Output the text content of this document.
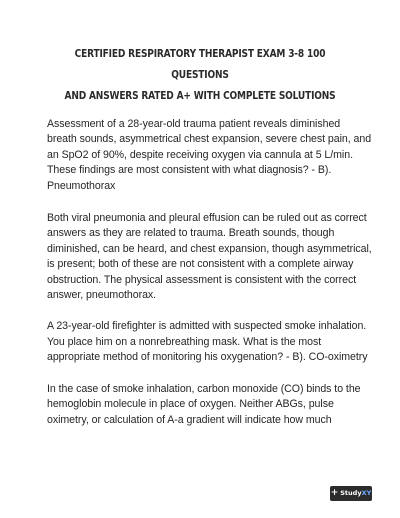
CERTIFIED RESPIRATORY THERAPIST EXAM 3-8 100 QUESTIONS
AND ANSWERS RATED A+ WITH COMPLETE SOLUTIONS

Assessment of a 28-year-old trauma patient reveals diminished breath sounds, asymmetrical chest expansion, severe chest pain, and an SpO2 of 90%, despite receiving oxygen via cannula at 5 L/min. These findings are most consistent with what diagnosis? - B). Pneumothorax

Both viral pneumonia and pleural effusion can be ruled out as correct answers as they are related to trauma. Breath sounds, though diminished, can be heard, and chest expansion, though asymmetrical, is present; both of these are not consistent with a complete airway obstruction. The physical assessment is consistent with the correct answer, pneumothorax.

A 23-year-old firefighter is admitted with suspected smoke inhalation. You place him on a nonrebreathing mask. What is the most appropriate method of monitoring his oxygenation? - B). CO-oximetry

In the case of smoke inhalation, carbon monoxide (CO) binds to the hemoglobin molecule in place of oxygen. Neither ABGs, pulse oximetry, or calculation of A-a gradient will indicate how much

+ StudyXY
